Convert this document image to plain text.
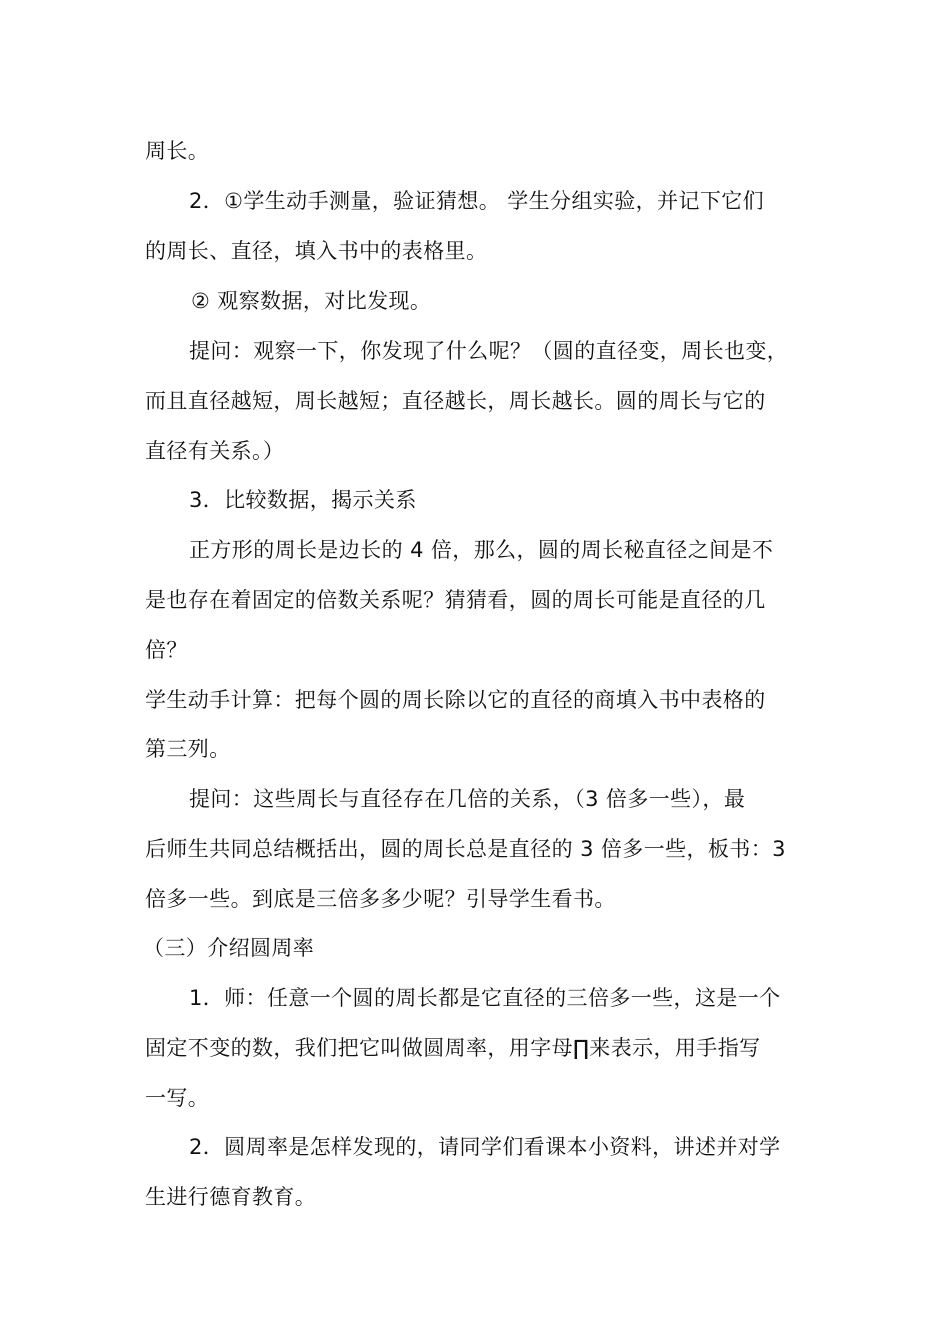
周长。
2．①学生动手测量，验证猜想。 学生分组实验，并记下它们
的周长、直径，填入书中的表格里。
② 观察数据，对比发现。
提问：观察一下，你发现了什么呢？（圆的直径变，周长也变，
而且直径越短，周长越短；直径越长，周长越长。圆的周长与它的
直径有关系。）
3．比较数据，揭示关系
正方形的周长是边长的 4 倍，那么，圆的周长秘直径之间是不
是也存在着固定的倍数关系呢？猜猜看，圆的周长可能是直径的几
倍？
学生动手计算：把每个圆的周长除以它的直径的商填入书中表格的
第三列。
提问：这些周长与直径存在几倍的关系，（3 倍多一些），最
后师生共同总结概括出，圆的周长总是直径的 3 倍多一些，板书：3
倍多一些。到底是三倍多多少呢？引导学生看书。
（三）介绍圆周率
1．师：任意一个圆的周长都是它直径的三倍多一些，这是一个
固定不变的数，我们把它叫做圆周率，用字母∏来表示，用手指写
一写。
2．圆周率是怎样发现的，请同学们看课本小资料，讲述并对学
生进行德育教育。
